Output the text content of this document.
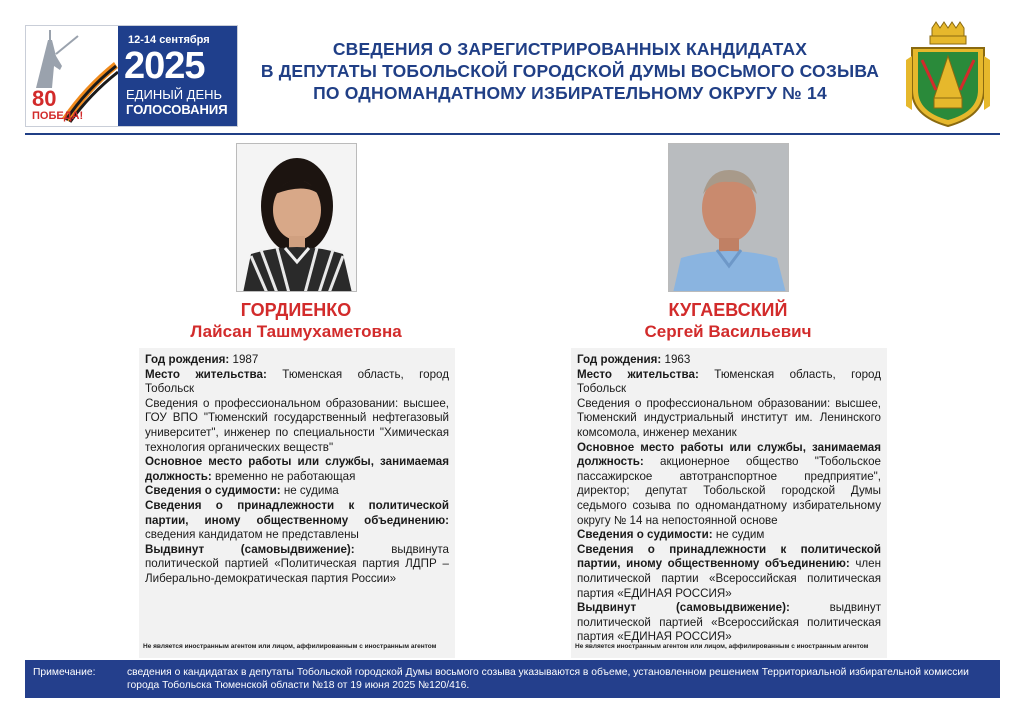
80
ПОБЕДА!
12-14 сентября
2025
ЕДИНЫЙ ДЕНЬ
ГОЛОСОВАНИЯ
СВЕДЕНИЯ О ЗАРЕГИСТРИРОВАННЫХ КАНДИДАТАХ
В ДЕПУТАТЫ ТОБОЛЬСКОЙ ГОРОДСКОЙ ДУМЫ ВОСЬМОГО СОЗЫВА
ПО ОДНОМАНДАТНОМУ ИЗБИРАТЕЛЬНОМУ ОКРУГУ № 14
ГОРДИЕНКО
Лайсан Ташмухаметовна

Год рождения: 1987

Место жительства: Тюменская область, город Тобольск

Сведения о профессиональном образовании: высшее, ГОУ ВПО "Тюменский государственный нефтегазовый университет", инженер по специальности "Химическая технология органических веществ"

Основное место работы или службы, занимаемая должность: временно не работающая

Сведения о судимости: не судима

Сведения о принадлежности к политической партии, иному общественному объединению: сведения кандидатом не представлены

Выдвинут (самовыдвижение): выдвинута политической партией «Политическая партия ЛДПР – Либерально-демократическая партия России»

Не является иностранным агентом или лицом, аффилированным с иностранным агентом
КУГАЕВСКИЙ
Сергей Васильевич

Год рождения: 1963

Место жительства: Тюменская область, город Тобольск

Сведения о профессиональном образовании: высшее, Тюменский индустриальный институт им. Ленинского комсомола, инженер механик

Основное место работы или службы, занимаемая должность: акционерное общество "Тобольское пассажирское автотранспортное предприятие", директор; депутат Тобольской городской Думы седьмого созыва по одномандатному избирательному округу № 14 на непостоянной основе

Сведения о судимости: не судим

Сведения о принадлежности к политической партии, иному общественному объединению: член политической партии «Всероссийская политическая партия «ЕДИНАЯ РОССИЯ»

Выдвинут (самовыдвижение): выдвинут политической партией «Всероссийская политическая партия «ЕДИНАЯ РОССИЯ»

Не является иностранным агентом или лицом, аффилированным с иностранным агентом
Примечание:	сведения о кандидатах в депутаты Тобольской городской Думы восьмого созыва указываются в объеме, установленном решением Территориальной избирательной комиссии города Тобольска Тюменской области №18 от 19 июня 2025 №120/416.
